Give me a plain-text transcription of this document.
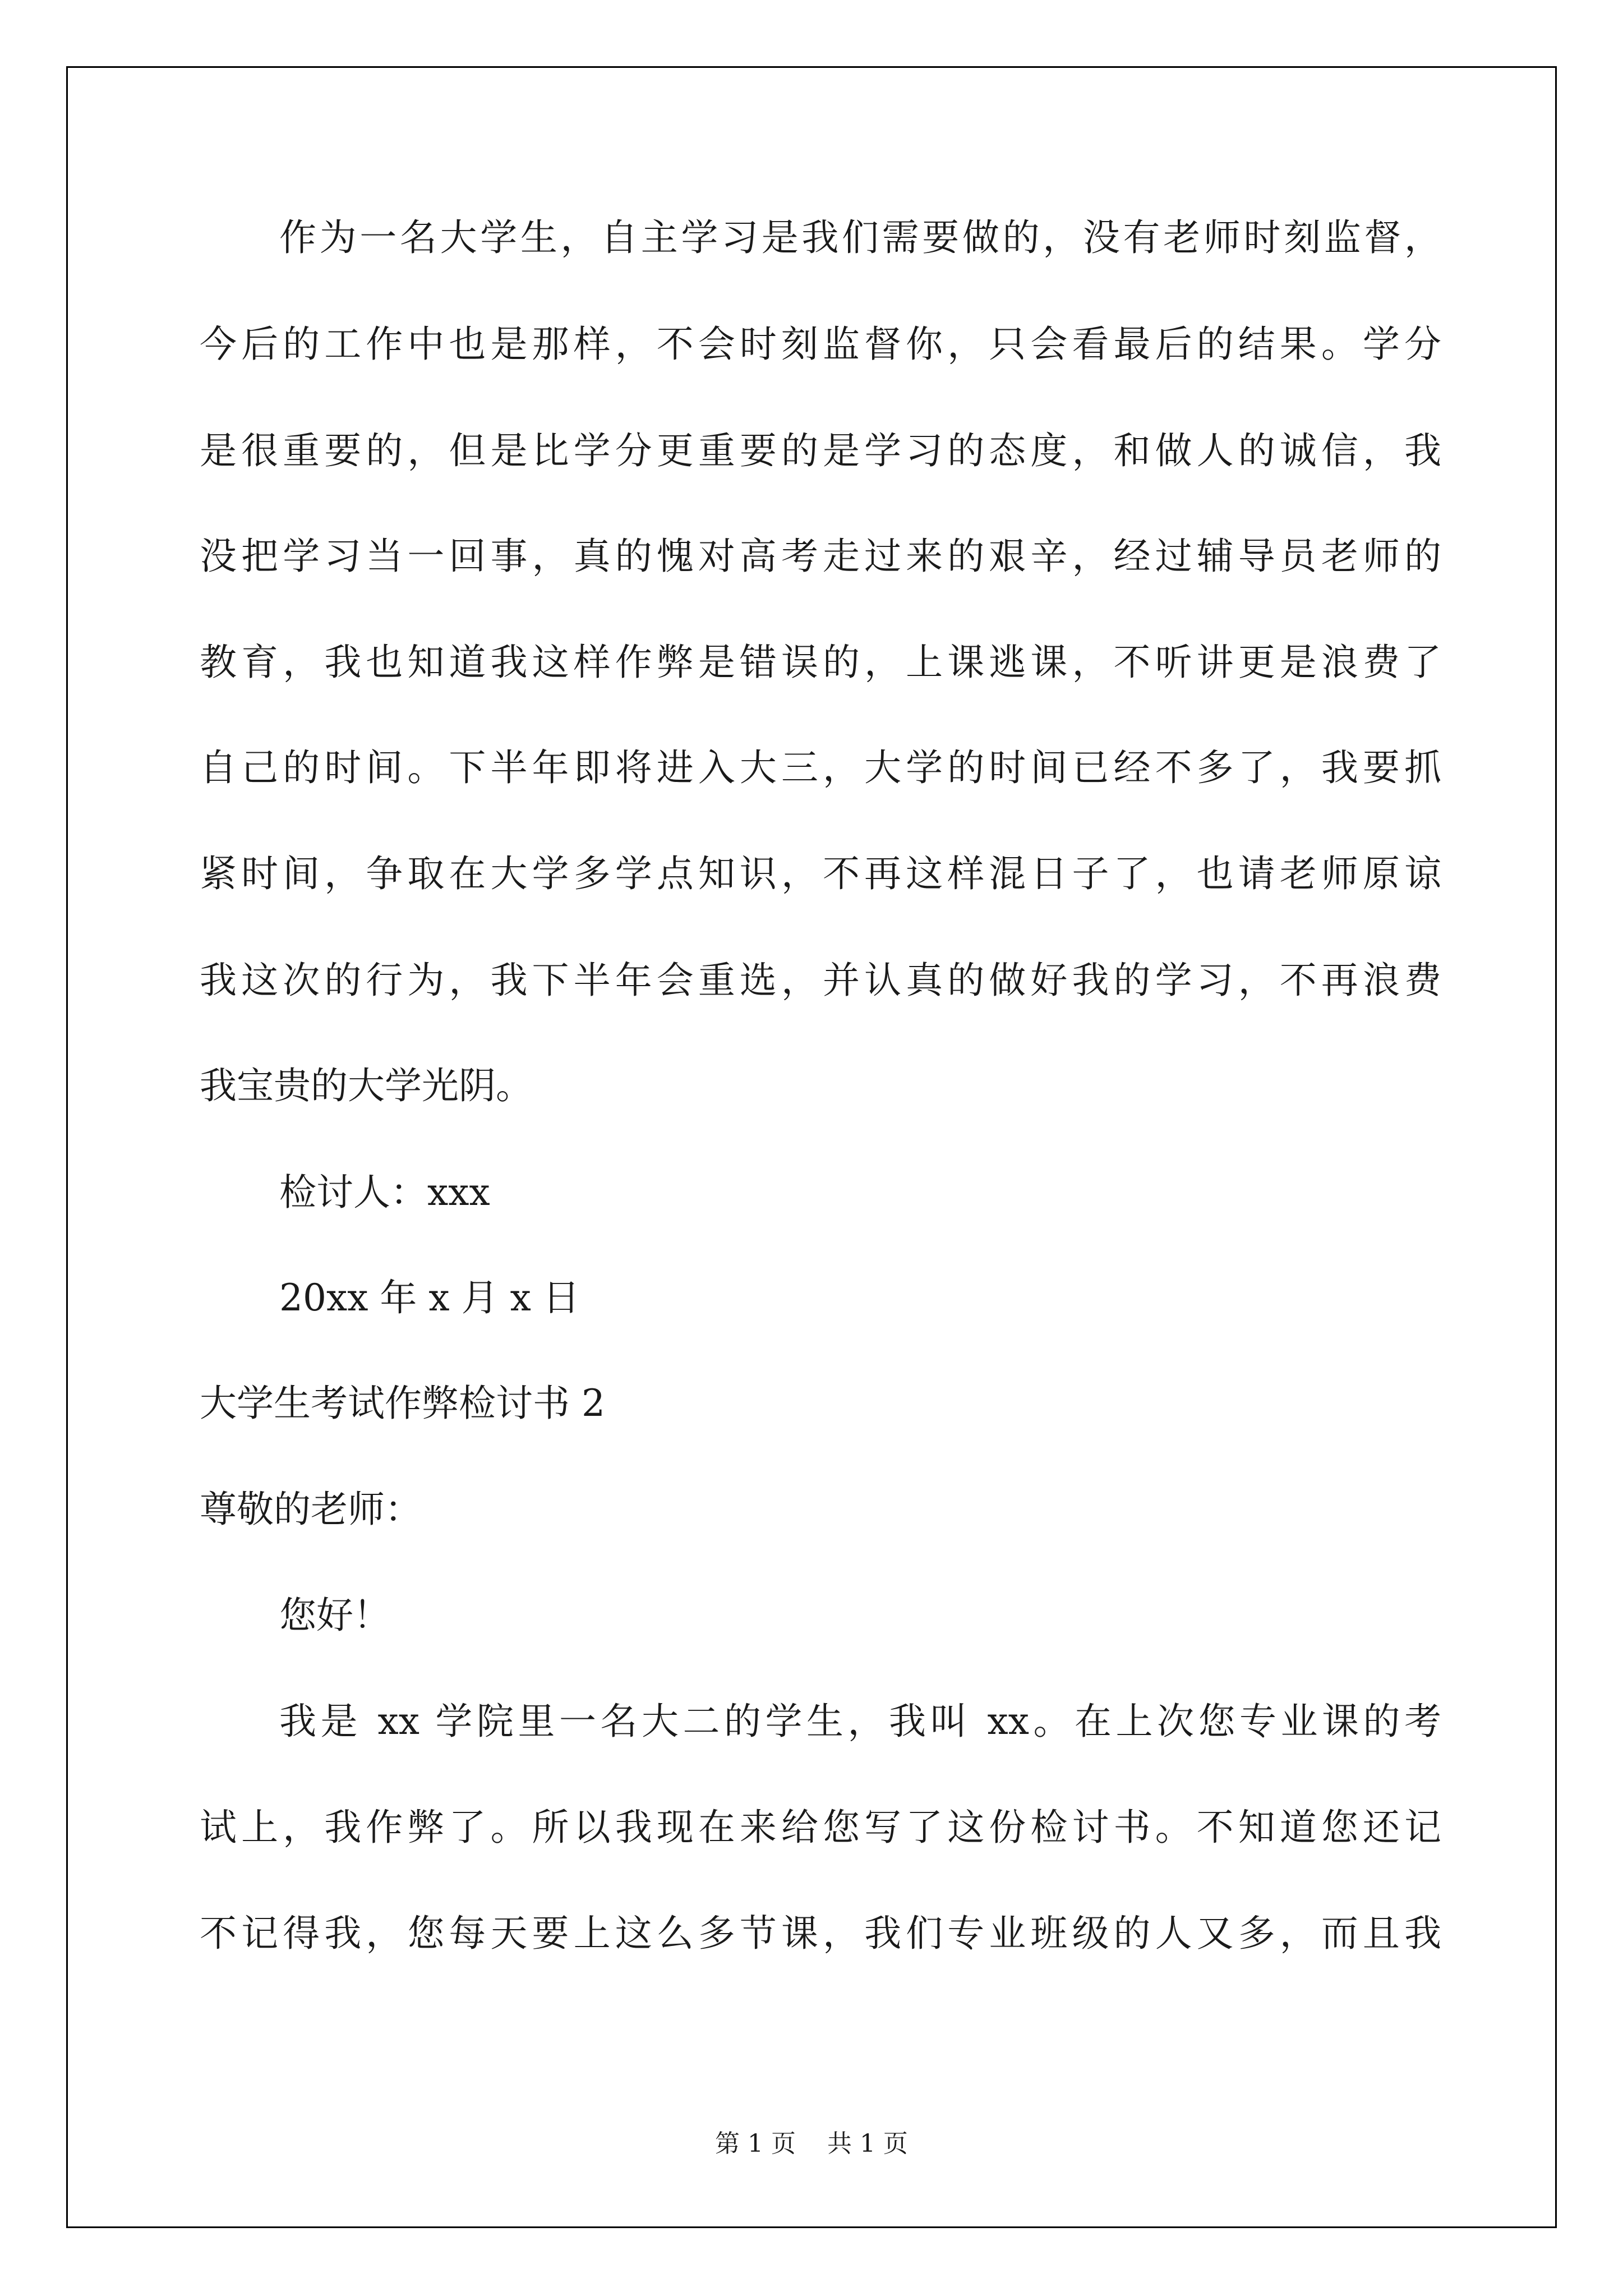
作为一名大学生，自主学习是我们需要做的，没有老师时刻监督，
今后的工作中也是那样，不会时刻监督你，只会看最后的结果。学分
是很重要的，但是比学分更重要的是学习的态度，和做人的诚信，我
没把学习当一回事，真的愧对高考走过来的艰辛，经过辅导员老师的
教育，我也知道我这样作弊是错误的，上课逃课，不听讲更是浪费了
自己的时间。下半年即将进入大三，大学的时间已经不多了，我要抓
紧时间，争取在大学多学点知识，不再这样混日子了，也请老师原谅
我这次的行为，我下半年会重选，并认真的做好我的学习，不再浪费
我宝贵的大学光阴。
检讨人：xxx
20xx 年 x 月 x 日
大学生考试作弊检讨书 2
尊敬的老师：
您好！
我是 xx 学院里一名大二的学生，我叫 xx。在上次您专业课的考
试上，我作弊了。所以我现在来给您写了这份检讨书。不知道您还记
不记得我，您每天要上这么多节课，我们专业班级的人又多，而且我
第 1 页    共 1 页
